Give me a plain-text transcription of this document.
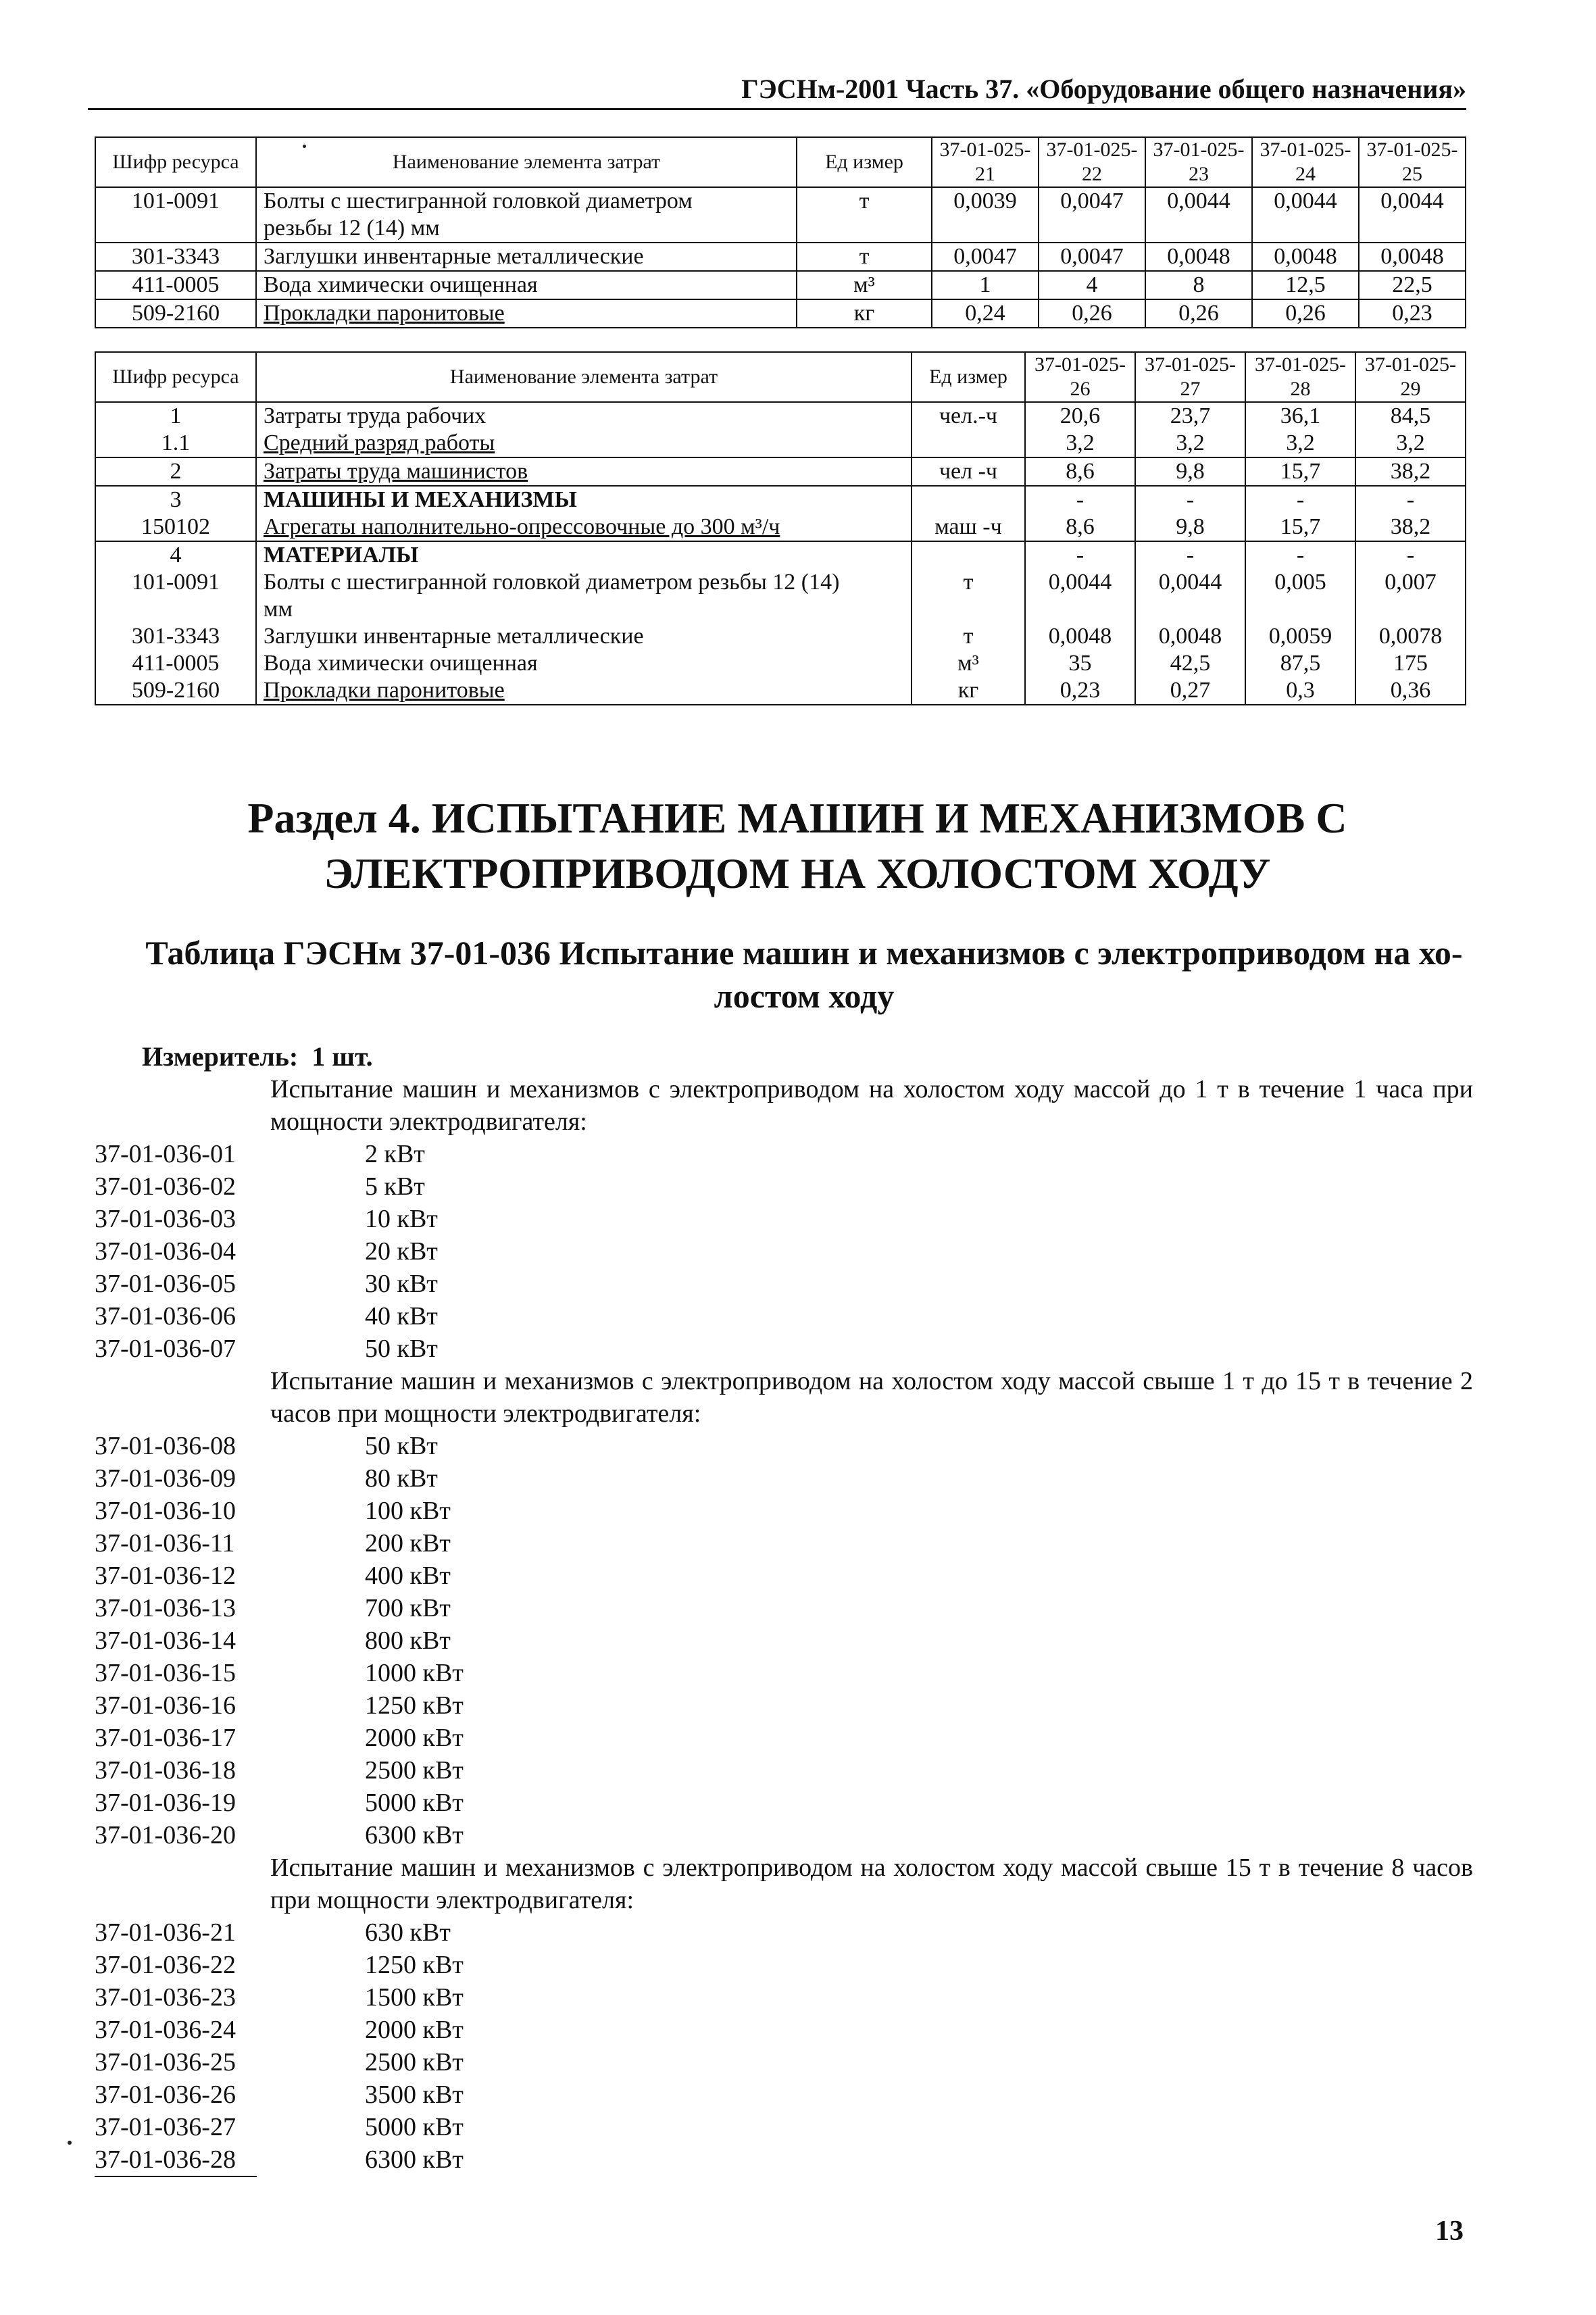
ГЭСНм-2001 Часть 37. «Оборудование общего назначения»
Шифр ресурса	Наименование элемента затрат	Ед измер	37-01-025-21	37-01-025-22	37-01-025-23	37-01-025-24	37-01-025-25
101-0091	Болты с шестигранной головкой диаметром	т	0,0039	0,0047	0,0044	0,0044	0,0044
	резьбы 12 (14) мм						
301-3343	Заглушки инвентарные металлические	т	0,0047	0,0047	0,0048	0,0048	0,0048
411-0005	Вода химически очищенная	м³	1	4	8	12,5	22,5
509-2160	Прокладки паронитовые	кг	0,24	0,26	0,26	0,26	0,23
Шифр ресурса	Наименование элемента затрат	Ед измер	37-01-025-26	37-01-025-27	37-01-025-28	37-01-025-29
1	Затраты труда рабочих	чел.-ч	20,6	23,7	36,1	84,5
1.1	Средний разряд работы		3,2	3,2	3,2	3,2
2	Затраты труда машинистов	чел -ч	8,6	9,8	15,7	38,2
3	МАШИНЫ И МЕХАНИЗМЫ		-	-	-	-
150102	Агрегаты наполнительно-опрессовочные до 300 м³/ч	маш -ч	8,6	9,8	15,7	38,2
4	МАТЕРИАЛЫ		-	-	-	-
101-0091	Болты с шестигранной головкой диаметром резьбы 12 (14)	т	0,0044	0,0044	0,005	0,007
	мм					
301-3343	Заглушки инвентарные металлические	т	0,0048	0,0048	0,0059	0,0078
411-0005	Вода химически очищенная	м³	35	42,5	87,5	175
509-2160	Прокладки паронитовые	кг	0,23	0,27	0,3	0,36
Раздел 4. ИСПЫТАНИЕ МАШИН И МЕХАНИЗМОВ С
ЭЛЕКТРОПРИВОДОМ НА ХОЛОСТОМ ХОДУ
Таблица ГЭСНм 37-01-036 Испытание машин и механизмов с электроприводом на хо-
лостом ходу
Измеритель: 1 шт.
Испытание машин и механизмов с электроприводом на холостом ходу массой до 1 т в течение 1 часа при мощности электродвигателя:
37-01-036-01	2 кВт
37-01-036-02	5 кВт
37-01-036-03	10 кВт
37-01-036-04	20 кВт
37-01-036-05	30 кВт
37-01-036-06	40 кВт
37-01-036-07	50 кВт
Испытание машин и механизмов с электроприводом на холостом ходу массой свыше 1 т до 15 т в течение 2 часов при мощности электродвигателя:
37-01-036-08	50 кВт
37-01-036-09	80 кВт
37-01-036-10	100 кВт
37-01-036-11	200 кВт
37-01-036-12	400 кВт
37-01-036-13	700 кВт
37-01-036-14	800 кВт
37-01-036-15	1000 кВт
37-01-036-16	1250 кВт
37-01-036-17	2000 кВт
37-01-036-18	2500 кВт
37-01-036-19	5000 кВт
37-01-036-20	6300 кВт
Испытание машин и механизмов с электроприводом на холостом ходу массой свыше 15 т в течение 8 часов при мощности электродвигателя:
37-01-036-21	630 кВт
37-01-036-22	1250 кВт
37-01-036-23	1500 кВт
37-01-036-24	2000 кВт
37-01-036-25	2500 кВт
37-01-036-26	3500 кВт
37-01-036-27	5000 кВт
37-01-036-28	6300 кВт
13
